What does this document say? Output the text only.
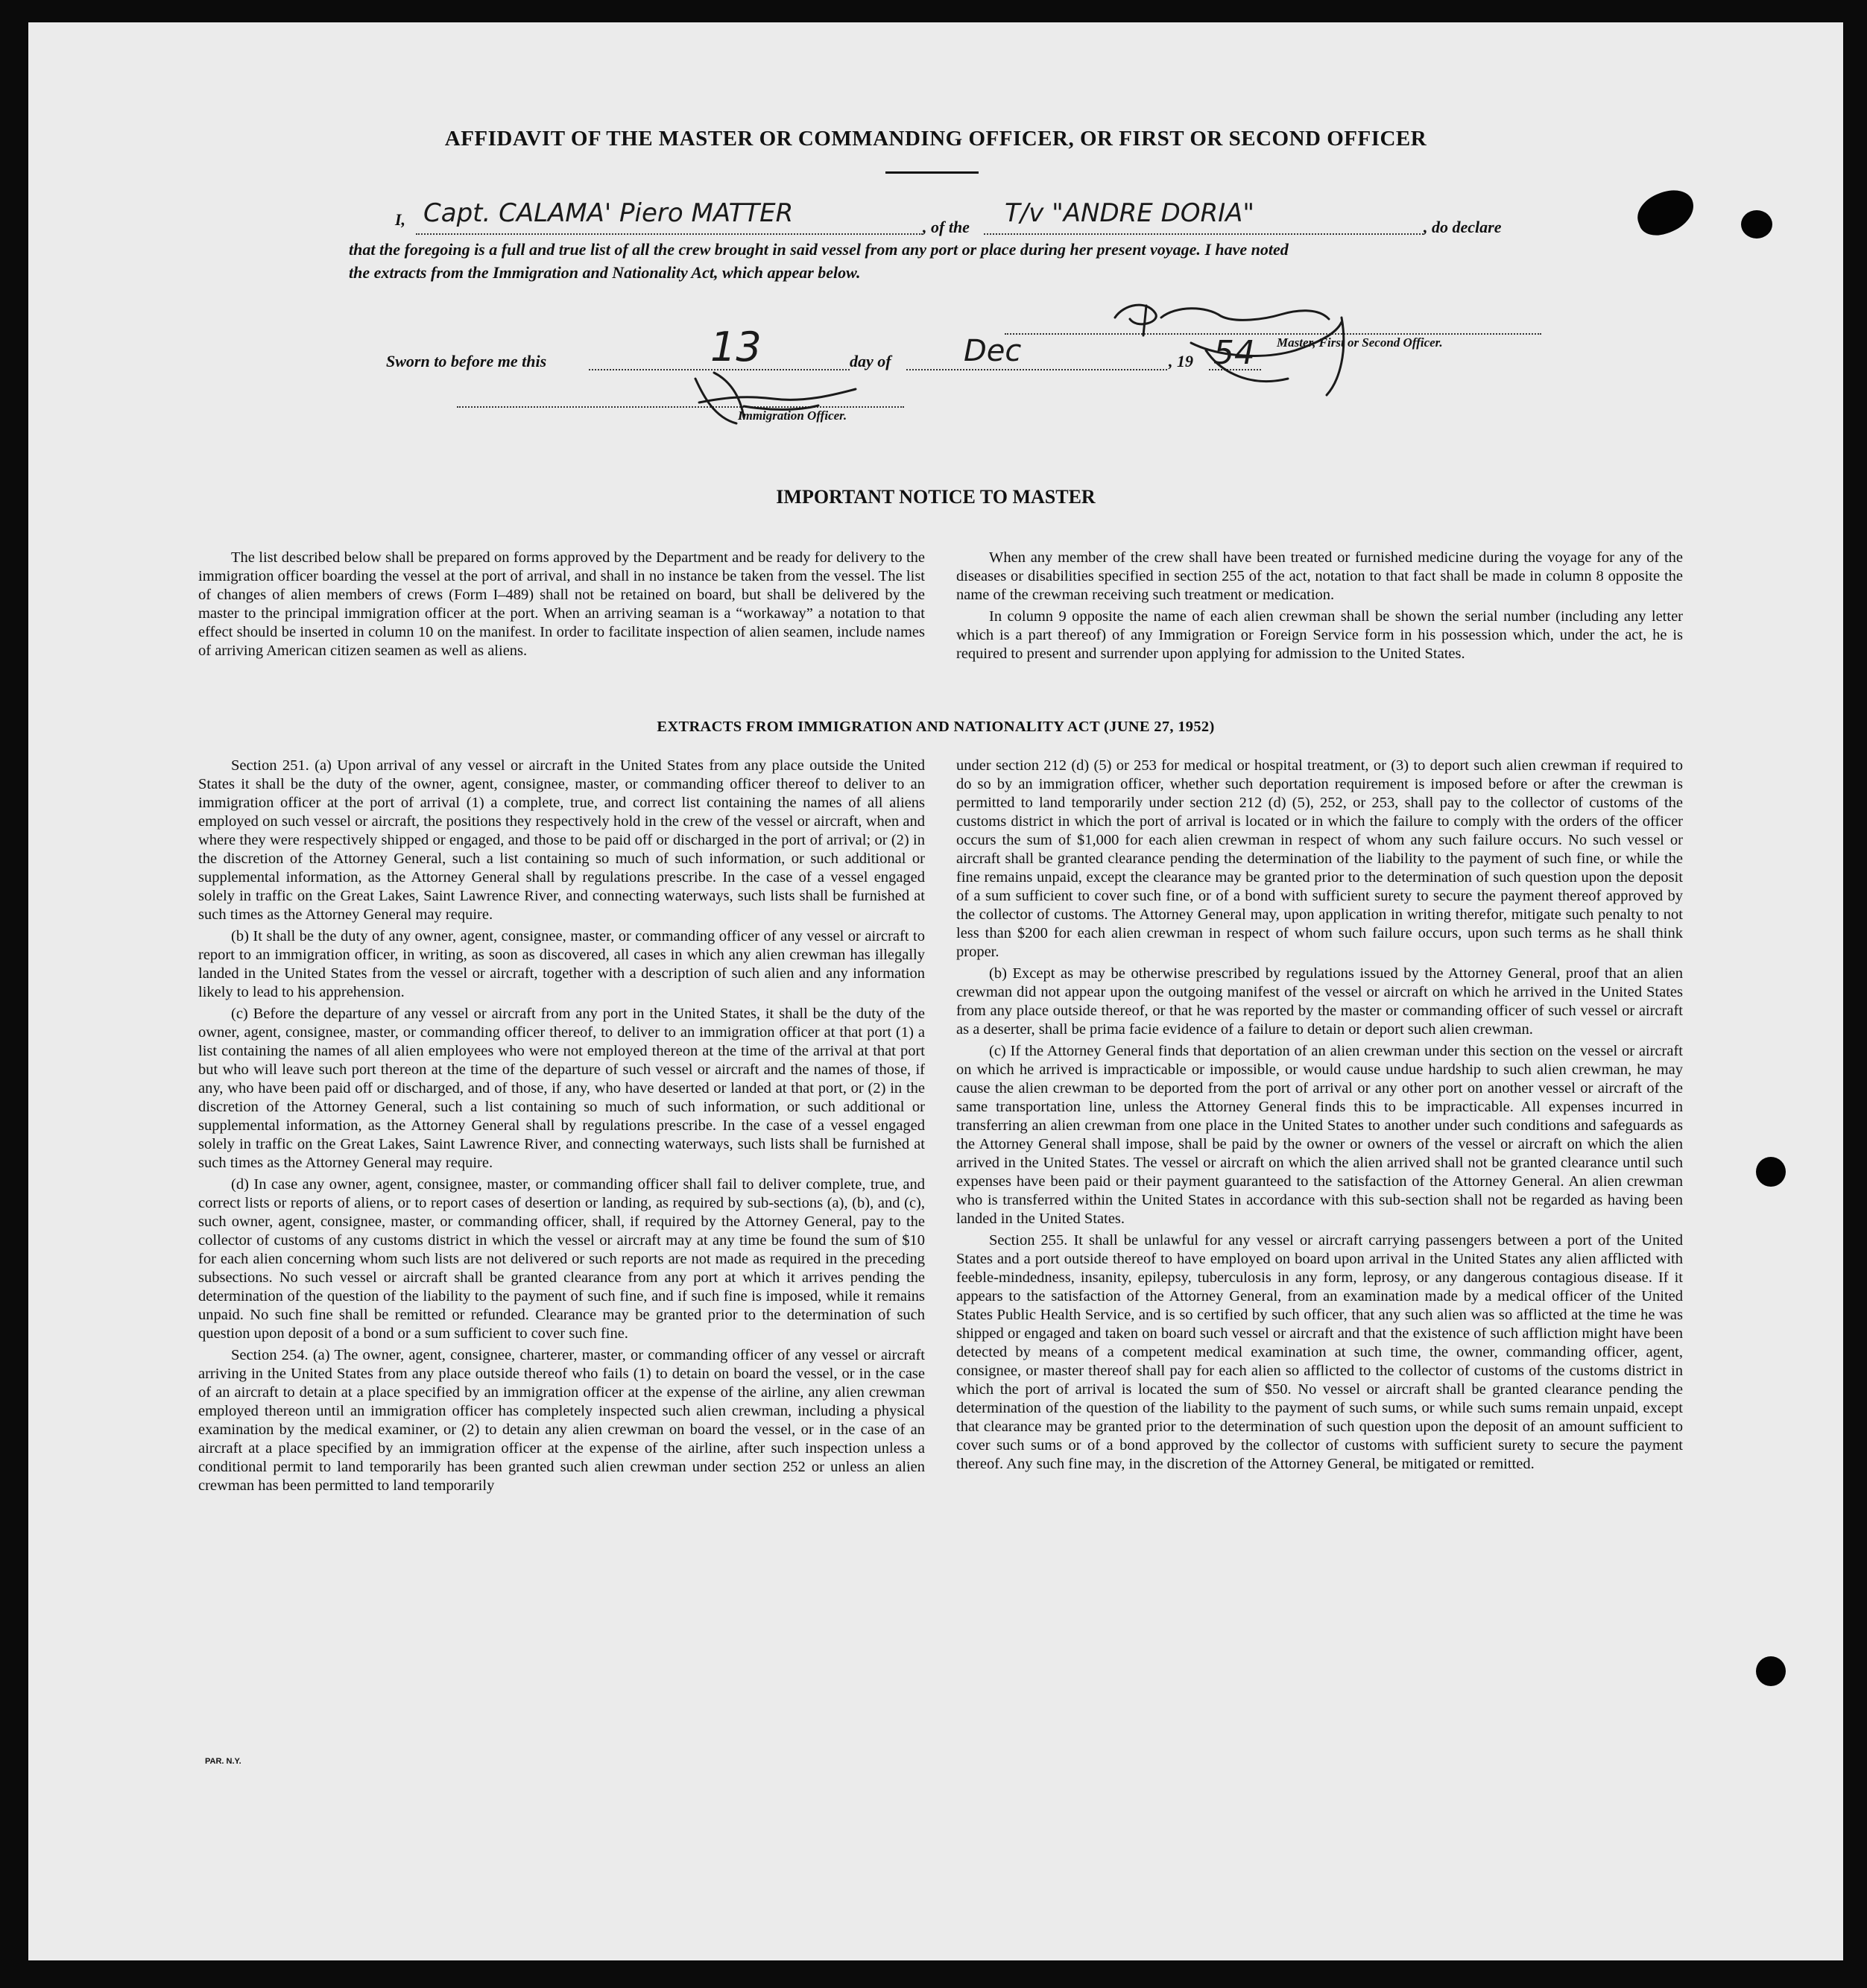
AFFIDAVIT OF THE MASTER OR COMMANDING OFFICER, OR FIRST OR SECOND OFFICER
I, Capt. CALAMA' Piero MATTER	, of the T/v "ANDRE DORIA"	, do declare
that the foregoing is a full and true list of all the crew brought in said vessel from any port or place during her present voyage. I have noted
the extracts from the Immigration and Nationality Act, which appear below.
Master, First or Second Officer.
Sworn to before me this	13	day of Dec	, 19 54
Immigration Officer.
IMPORTANT NOTICE TO MASTER

The list described below shall be prepared on forms approved by the Department and be ready for delivery to the immigration officer boarding the vessel at the port of arrival, and shall in no instance be taken from the vessel. The list of changes of alien members of crews (Form I–489) shall not be retained on board, but shall be delivered by the master to the principal immigration officer at the port. When an arriving seaman is a “workaway” a notation to that effect should be inserted in column 10 on the manifest. In order to facilitate inspection of alien seamen, include names of arriving American citizen seamen as well as aliens.

When any member of the crew shall have been treated or furnished medicine during the voyage for any of the diseases or disabilities specified in section 255 of the act, notation to that fact shall be made in column 8 opposite the name of the crewman receiving such treatment or medication.

In column 9 opposite the name of each alien crewman shall be shown the serial number (including any letter which is a part thereof) of any Immigration or Foreign Service form in his possession which, under the act, he is required to present and surrender upon applying for admission to the United States.

EXTRACTS FROM IMMIGRATION AND NATIONALITY ACT (JUNE 27, 1952)

Section 251. (a) Upon arrival of any vessel or aircraft in the United States from any place outside the United States it shall be the duty of the owner, agent, consignee, master, or commanding officer thereof to deliver to an immigration officer at the port of arrival (1) a complete, true, and correct list containing the names of all aliens employed on such vessel or aircraft, the positions they respectively hold in the crew of the vessel or aircraft, when and where they were respectively shipped or engaged, and those to be paid off or discharged in the port of arrival; or (2) in the discretion of the Attorney General, such a list containing so much of such information, or such additional or supplemental information, as the Attorney General shall by regulations prescribe. In the case of a vessel engaged solely in traffic on the Great Lakes, Saint Lawrence River, and connecting waterways, such lists shall be furnished at such times as the Attorney General may require.

(b) It shall be the duty of any owner, agent, consignee, master, or commanding officer of any vessel or aircraft to report to an immigration officer, in writing, as soon as discovered, all cases in which any alien crewman has illegally landed in the United States from the vessel or aircraft, together with a description of such alien and any information likely to lead to his apprehension.

(c) Before the departure of any vessel or aircraft from any port in the United States, it shall be the duty of the owner, agent, consignee, master, or commanding officer thereof, to deliver to an immigration officer at that port (1) a list containing the names of all alien employees who were not employed thereon at the time of the arrival at that port but who will leave such port thereon at the time of the departure of such vessel or aircraft and the names of those, if any, who have been paid off or discharged, and of those, if any, who have deserted or landed at that port, or (2) in the discretion of the Attorney General, such a list containing so much of such information, or such additional or supplemental information, as the Attorney General shall by regulations prescribe. In the case of a vessel engaged solely in traffic on the Great Lakes, Saint Lawrence River, and connecting waterways, such lists shall be furnished at such times as the Attorney General may require.

(d) In case any owner, agent, consignee, master, or commanding officer shall fail to deliver complete, true, and correct lists or reports of aliens, or to report cases of desertion or landing, as required by sub-sections (a), (b), and (c), such owner, agent, consignee, master, or commanding officer, shall, if required by the Attorney General, pay to the collector of customs of any customs district in which the vessel or aircraft may at any time be found the sum of $10 for each alien concerning whom such lists are not delivered or such reports are not made as required in the preceding subsections. No such vessel or aircraft shall be granted clearance from any port at which it arrives pending the determination of the question of the liability to the payment of such fine, and if such fine is imposed, while it remains unpaid. No such fine shall be remitted or refunded. Clearance may be granted prior to the determination of such question upon deposit of a bond or a sum sufficient to cover such fine.

Section 254. (a) The owner, agent, consignee, charterer, master, or commanding officer of any vessel or aircraft arriving in the United States from any place outside thereof who fails (1) to detain on board the vessel, or in the case of an aircraft to detain at a place specified by an immigration officer at the expense of the airline, any alien crewman employed thereon until an immigration officer has completely inspected such alien crewman, including a physical examination by the medical examiner, or (2) to detain any alien crewman on board the vessel, or in the case of an aircraft at a place specified by an immigration officer at the expense of the airline, after such inspection unless a conditional permit to land temporarily has been granted such alien crewman under section 252 or unless an alien crewman has been permitted to land temporarily

under section 212 (d) (5) or 253 for medical or hospital treatment, or (3) to deport such alien crewman if required to do so by an immigration officer, whether such deportation requirement is imposed before or after the crewman is permitted to land temporarily under section 212 (d) (5), 252, or 253, shall pay to the collector of customs of the customs district in which the port of arrival is located or in which the failure to comply with the orders of the officer occurs the sum of $1,000 for each alien crewman in respect of whom any such failure occurs. No such vessel or aircraft shall be granted clearance pending the determination of the liability to the payment of such fine, or while the fine remains unpaid, except the clearance may be granted prior to the determination of such question upon the deposit of a sum sufficient to cover such fine, or of a bond with sufficient surety to secure the payment thereof approved by the collector of customs. The Attorney General may, upon application in writing therefor, mitigate such penalty to not less than $200 for each alien crewman in respect of whom such failure occurs, upon such terms as he shall think proper.

(b) Except as may be otherwise prescribed by regulations issued by the Attorney General, proof that an alien crewman did not appear upon the outgoing manifest of the vessel or aircraft on which he arrived in the United States from any place outside thereof, or that he was reported by the master or commanding officer of such vessel or aircraft as a deserter, shall be prima facie evidence of a failure to detain or deport such alien crewman.

(c) If the Attorney General finds that deportation of an alien crewman under this section on the vessel or aircraft on which he arrived is impracticable or impossible, or would cause undue hardship to such alien crewman, he may cause the alien crewman to be deported from the port of arrival or any other port on another vessel or aircraft of the same transportation line, unless the Attorney General finds this to be impracticable. All expenses incurred in transferring an alien crewman from one place in the United States to another under such conditions and safeguards as the Attorney General shall impose, shall be paid by the owner or owners of the vessel or aircraft on which the alien arrived in the United States. The vessel or aircraft on which the alien arrived shall not be granted clearance until such expenses have been paid or their payment guaranteed to the satisfaction of the Attorney General. An alien crewman who is transferred within the United States in accordance with this sub-section shall not be regarded as having been landed in the United States.

Section 255. It shall be unlawful for any vessel or aircraft carrying passengers between a port of the United States and a port outside thereof to have employed on board upon arrival in the United States any alien afflicted with feeble-mindedness, insanity, epilepsy, tuberculosis in any form, leprosy, or any dangerous contagious disease. If it appears to the satisfaction of the Attorney General, from an examination made by a medical officer of the United States Public Health Service, and is so certified by such officer, that any such alien was so afflicted at the time he was shipped or engaged and taken on board such vessel or aircraft and that the existence of such affliction might have been detected by means of a competent medical examination at such time, the owner, commanding officer, agent, consignee, or master thereof shall pay for each alien so afflicted to the collector of customs of the customs district in which the port of arrival is located the sum of $50. No vessel or aircraft shall be granted clearance pending the determination of the question of the liability to the payment of such sums, or while such sums remain unpaid, except that clearance may be granted prior to the determination of such question upon the deposit of an amount sufficient to cover such sums or of a bond approved by the collector of customs with sufficient surety to secure the payment thereof. Any such fine may, in the discretion of the Attorney General, be mitigated or remitted.

PAR. N.Y.
